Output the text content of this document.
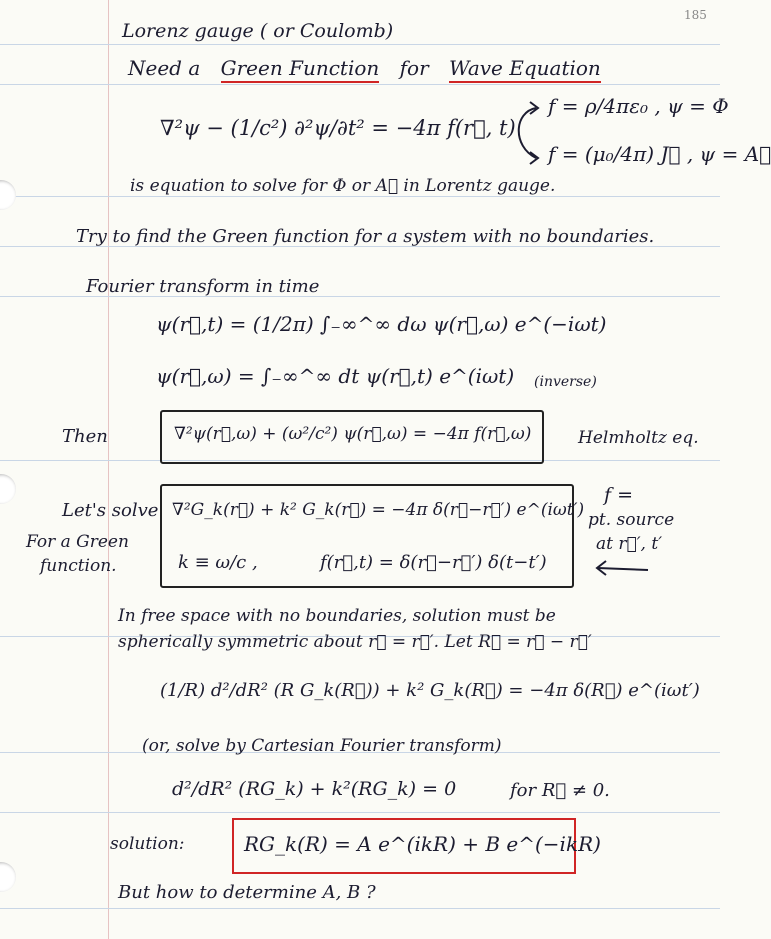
185
Lorenz gauge ( or Coulomb)
Need a Green Function for Wave Equation
∇²ψ − (1/c²) ∂²ψ/∂t² = −4π f(r⃗, t)
f = ρ/4πε₀ , ψ = Φ
f = (μ₀/4π) J⃗ , ψ = A⃗
is equation to solve for Φ or A⃗ in Lorentz gauge.
Try to find the Green function for a system with no boundaries.
Fourier transform in time
ψ(r⃗,t) = (1/2π) ∫₋∞^∞ dω ψ(r⃗,ω) e^(−iωt)
ψ(r⃗,ω) = ∫₋∞^∞ dt ψ(r⃗,t) e^(iωt) (inverse)
Then	∇²ψ(r⃗,ω) + (ω²/c²) ψ(r⃗,ω) = −4π f(r⃗,ω)	Helmholtz eq.
Let's solve
For a Green
function.
∇²G_k(r⃗) + k² G_k(r⃗) = −4π δ(r⃗−r⃗′) e^(iωt′)
k ≡ ω/c ,	f(r⃗,t) = δ(r⃗−r⃗′) δ(t−t′)
f =
pt. source
at r⃗′, t′
In free space with no boundaries, solution must be
spherically symmetric about r⃗ = r⃗′. Let R⃗ = r⃗ − r⃗′
(1/R) d²/dR² (R G_k(R⃗)) + k² G_k(R⃗) = −4π δ(R⃗) e^(iωt′)
(or, solve by Cartesian Fourier transform)
d²/dR² (RG_k) + k²(RG_k) = 0	for R⃗ ≠ 0.
solution:	RG_k(R) = A e^(ikR) + B e^(−ikR)
But how to determine A, B ?
